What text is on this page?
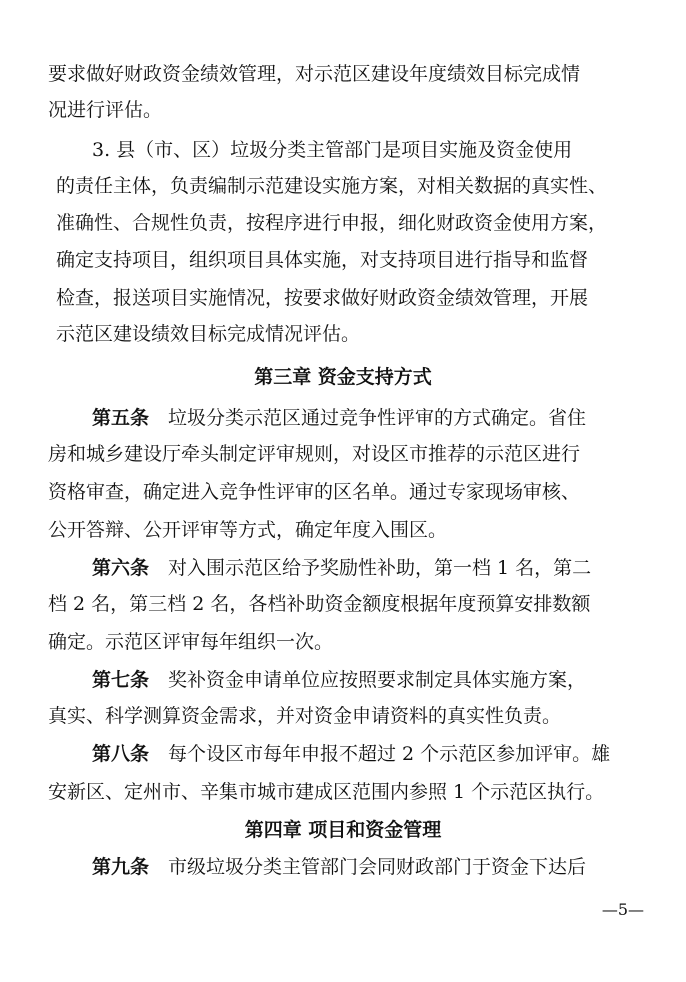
要求做好财政资金绩效管理，对示范区建设年度绩效目标完成情
况进行评估。
3. 县（市、区）垃圾分类主管部门是项目实施及资金使用
的责任主体，负责编制示范建设实施方案，对相关数据的真实性、
准确性、合规性负责，按程序进行申报，细化财政资金使用方案，
确定支持项目，组织项目具体实施，对支持项目进行指导和监督
检查，报送项目实施情况，按要求做好财政资金绩效管理，开展
示范区建设绩效目标完成情况评估。
第三章 资金支持方式
第五条 垃圾分类示范区通过竞争性评审的方式确定。省住
房和城乡建设厅牵头制定评审规则，对设区市推荐的示范区进行
资格审查，确定进入竞争性评审的区名单。通过专家现场审核、
公开答辩、公开评审等方式，确定年度入围区。
第六条 对入围示范区给予奖励性补助，第一档 1 名，第二
档 2 名，第三档 2 名，各档补助资金额度根据年度预算安排数额
确定。示范区评审每年组织一次。
第七条 奖补资金申请单位应按照要求制定具体实施方案，
真实、科学测算资金需求，并对资金申请资料的真实性负责。
第八条 每个设区市每年申报不超过 2 个示范区参加评审。雄
安新区、定州市、辛集市城市建成区范围内参照 1 个示范区执行。
第四章 项目和资金管理
第九条 市级垃圾分类主管部门会同财政部门于资金下达后
—5—
